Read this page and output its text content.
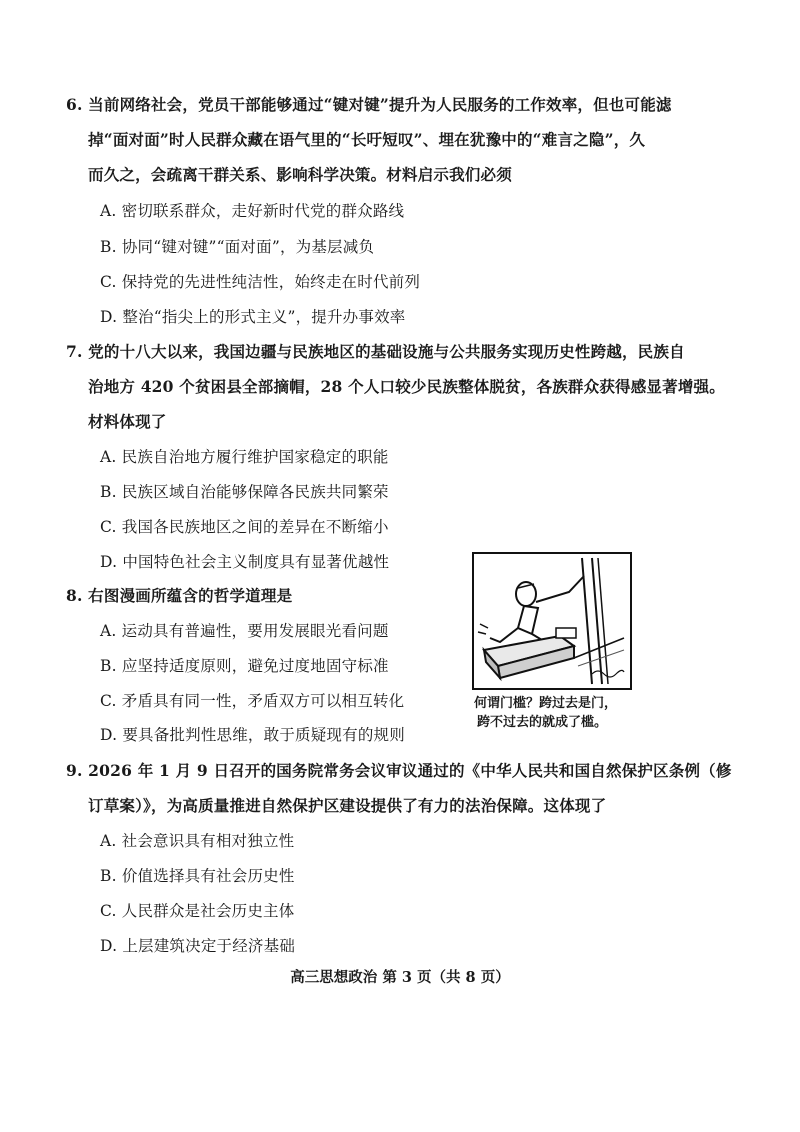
6. 当前网络社会，党员干部能够通过“键对键”提升为人民服务的工作效率，但也可能滤
掉“面对面”时人民群众藏在语气里的“长吁短叹”、埋在犹豫中的“难言之隐”，久
而久之，会疏离干群关系、影响科学决策。材料启示我们必须
A. 密切联系群众，走好新时代党的群众路线
B. 协同“键对键”“面对面”，为基层减负
C. 保持党的先进性纯洁性，始终走在时代前列
D. 整治“指尖上的形式主义”，提升办事效率
7. 党的十八大以来，我国边疆与民族地区的基础设施与公共服务实现历史性跨越，民族自
治地方 420 个贫困县全部摘帽，28 个人口较少民族整体脱贫，各族群众获得感显著增强。
材料体现了
A. 民族自治地方履行维护国家稳定的职能
B. 民族区域自治能够保障各民族共同繁荣
C. 我国各民族地区之间的差异在不断缩小
D. 中国特色社会主义制度具有显著优越性
8. 右图漫画所蕴含的哲学道理是
A. 运动具有普遍性，要用发展眼光看问题
B. 应坚持适度原则，避免过度地固守标准
C. 矛盾具有同一性，矛盾双方可以相互转化
D. 要具备批判性思维，敢于质疑现有的规则
何谓门槛？跨过去是门，
跨不过去的就成了槛。
9. 2026 年 1 月 9 日召开的国务院常务会议审议通过的《中华人民共和国自然保护区条例（修
订草案）》，为高质量推进自然保护区建设提供了有力的法治保障。这体现了
A. 社会意识具有相对独立性
B. 价值选择具有社会历史性
C. 人民群众是社会历史主体
D. 上层建筑决定于经济基础
高三思想政治 第 3 页（共 8 页）
